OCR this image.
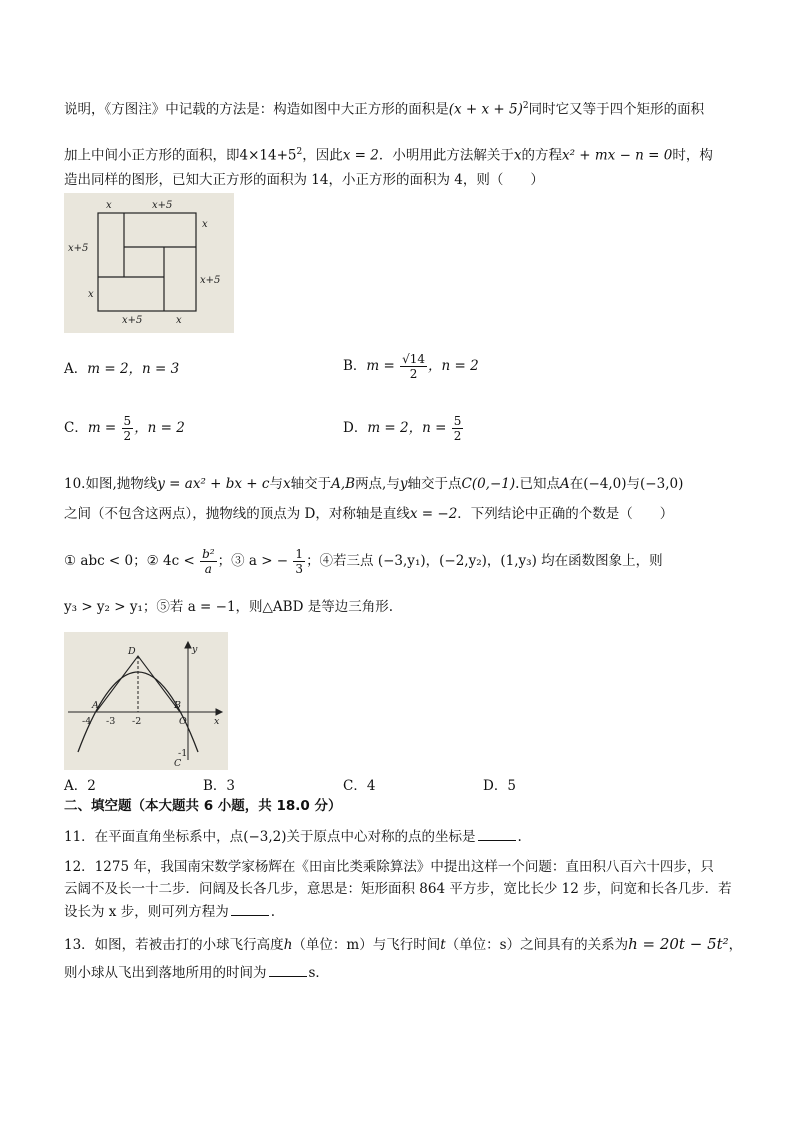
说明，《方图注》中记载的方法是：构造如图中大正方形的面积是$(x + x + 5)^2$同时它又等于四个矩形的面积
加上中间小正方形的面积，即$4\times 14+5^2$，因此x = 2．小明用此方法解关于x的方程x² + mx − n = 0时，构
造出同样的图形，已知大正方形的面积为 14，小正方形的面积为 4，则（　　）
x	x+5
x
x+5
x+5
x
x+5	x
A．m = 2，n = 3	B．$m = \frac{√14}{2}$ ，n = 2
C．$m = \frac{5}{2}$ ，n = 2	D．m = 2，$n = \frac{5}{2}$
10.如图,抛物线y = ax² + bx + c与x轴交于A,B两点,与y轴交于点C(0,−1).已知点A在(−4,0)与(−3,0)
之间（不包含这两点），抛物线的顶点为 D，对称轴是直线x = −2．下列结论中正确的个数是（　　）
① abc < 0；② $4c < \frac{\text{b²}}{a}$ ；③ a > − $\frac{1}{3}$ ；④若三点 (−3,y₁)，(−2,y₂)，(1,y₃) 均在函数图象上，则
y₃ > y₂ > y₁；⑤若 a = −1，则△ABD 是等边三角形.
y
x
D
A	B
O
C
-4 -3 -2
-1
A．2	B．3	C．4	D．5
二、填空题（本大题共 6 小题，共 18.0 分）
11．在平面直角坐标系中，点(−3,2)关于原点中心对称的点的坐标是	.
12．1275 年，我国南宋数学家杨辉在《田亩比类乘除算法》中提出这样一个问题：直田积八百六十四步，只
云阔不及长一十二步．问阔及长各几步，意思是：矩形面积 864 平方步，宽比长少 12 步，问宽和长各几步．若
设长为 x 步，则可列方程为	.
13．如图，若被击打的小球飞行高度h（单位：m）与飞行时间t（单位：s）之间具有的关系为h = 20t − 5t²，
则小球从飞出到落地所用的时间为	s．
